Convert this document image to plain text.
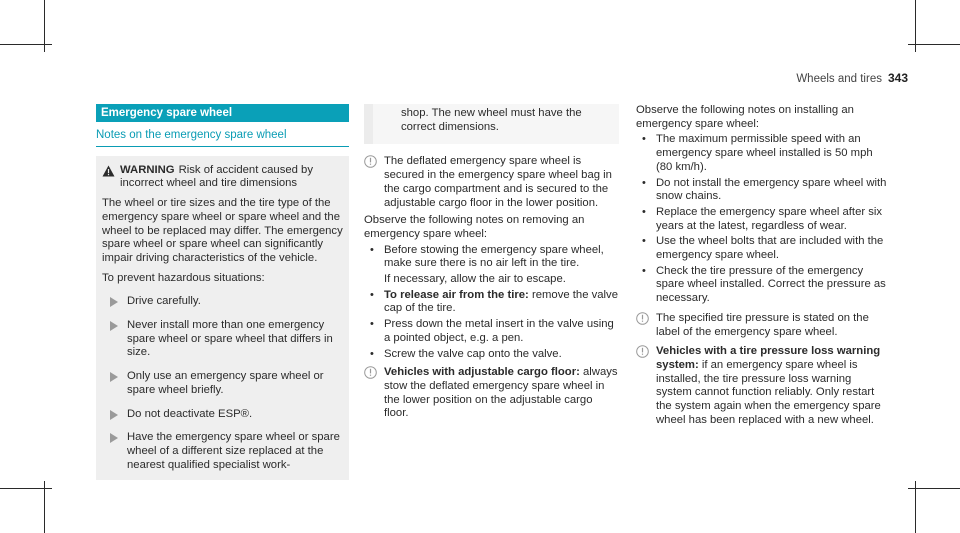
Wheels and tires 343
Emergency spare wheel
Notes on the emergency spare wheel
WARNING Risk of accident caused by incorrect wheel and tire dimensions
The wheel or tire sizes and the tire type of the emergency spare wheel or spare wheel and the wheel to be replaced may differ. The emergency spare wheel or spare wheel can significantly impair driving characteristics of the vehicle.
To prevent hazardous situations:
Drive carefully.
Never install more than one emergency spare wheel or spare wheel that differs in size.
Only use an emergency spare wheel or spare wheel briefly.
Do not deactivate ESP®.
Have the emergency spare wheel or spare wheel of a different size replaced at the nearest qualified specialist work-
shop. The new wheel must have the correct dimensions.
The deflated emergency spare wheel is secured in the emergency spare wheel bag in the cargo compartment and is secured to the adjustable cargo floor in the lower position.
Observe the following notes on removing an emergency spare wheel:
• Before stowing the emergency spare wheel, make sure there is no air left in the tire.
If necessary, allow the air to escape.
• To release air from the tire: remove the valve cap of the tire.
• Press down the metal insert in the valve using a pointed object, e.g. a pen.
• Screw the valve cap onto the valve.
Vehicles with adjustable cargo floor: always stow the deflated emergency spare wheel in the lower position on the adjustable cargo floor.
Observe the following notes on installing an emergency spare wheel:
• The maximum permissible speed with an emergency spare wheel installed is 50 mph (80 km/h).
• Do not install the emergency spare wheel with snow chains.
• Replace the emergency spare wheel after six years at the latest, regardless of wear.
• Use the wheel bolts that are included with the emergency spare wheel.
• Check the tire pressure of the emergency spare wheel installed. Correct the pressure as necessary.
The specified tire pressure is stated on the label of the emergency spare wheel.
Vehicles with a tire pressure loss warning system: if an emergency spare wheel is installed, the tire pressure loss warning system cannot function reliably. Only restart the system again when the emergency spare wheel has been replaced with a new wheel.
